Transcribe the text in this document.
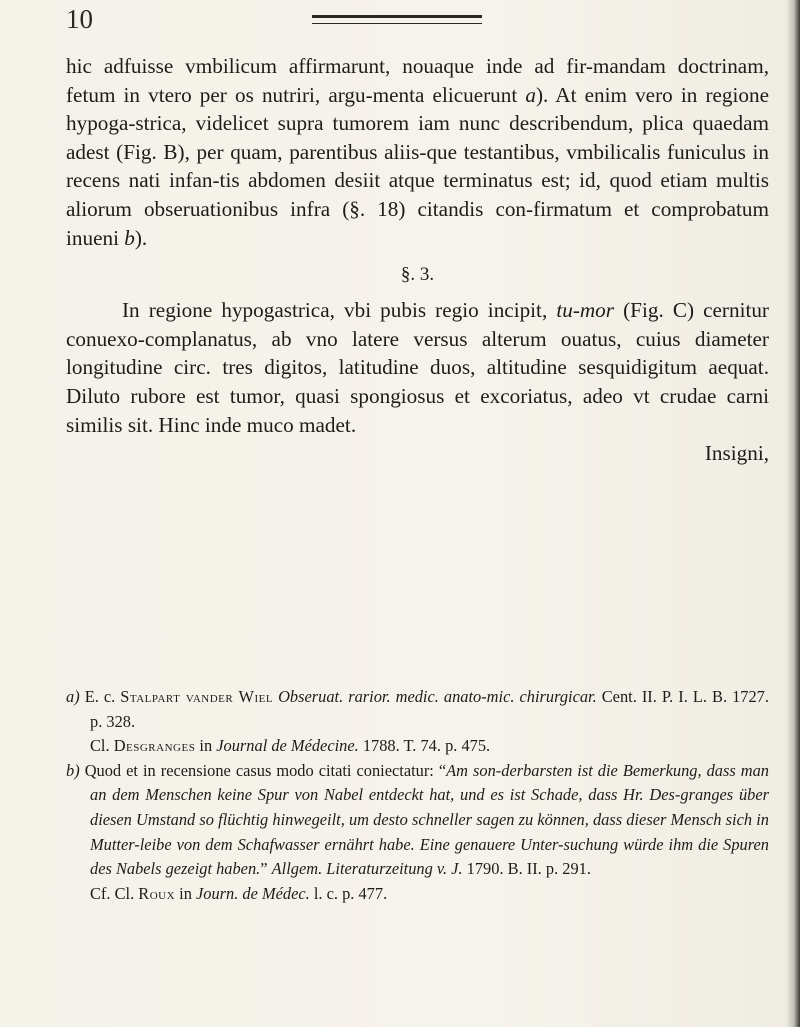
10

hic adfuisse vmbilicum affirmarunt, nouaque inde ad fir-mandam doctrinam, fetum in vtero per os nutriri, argu-menta elicuerunt a). At enim vero in regione hypoga-strica, videlicet supra tumorem iam nunc describendum, plica quaedam adest (Fig. B), per quam, parentibus aliis-que testantibus, vmbilicalis funiculus in recens nati infan-tis abdomen desiit atque terminatus est; id, quod etiam multis aliorum obseruationibus infra (§. 18) citandis con-firmatum et comprobatum inueni b).

§. 3.

In regione hypogastrica, vbi pubis regio incipit, tu-mor (Fig. C) cernitur conuexo-complanatus, ab vno latere versus alterum ouatus, cuius diameter longitudine circ. tres digitos, latitudine duos, altitudine sesquidigitum aequat. Diluto rubore est tumor, quasi spongiosus et excoriatus, adeo vt crudae carni similis sit. Hinc inde muco madet.

Insigni,

a) E. c. Stalpart vander Wiel Obseruat. rarior. medic. anato-mic. chirurgicar. Cent. II. P. I. L. B. 1727. p. 328.

Cl. Desgranges in Journal de Médecine. 1788. T. 74. p. 475.

b) Quod et in recensione casus modo citati coniectatur: “Am son-derbarsten ist die Bemerkung, dass man an dem Menschen keine Spur von Nabel entdeckt hat, und es ist Schade, dass Hr. Des-granges über diesen Umstand so flüchtig hinwegeilt, um desto schneller sagen zu können, dass dieser Mensch sich in Mutter-leibe von dem Schafwasser ernährt habe. Eine genauere Unter-suchung würde ihm die Spuren des Nabels gezeigt haben.” Allgem. Literaturzeitung v. J. 1790. B. II. p. 291.

Cf. Cl. Roux in Journ. de Médec. l. c. p. 477.
